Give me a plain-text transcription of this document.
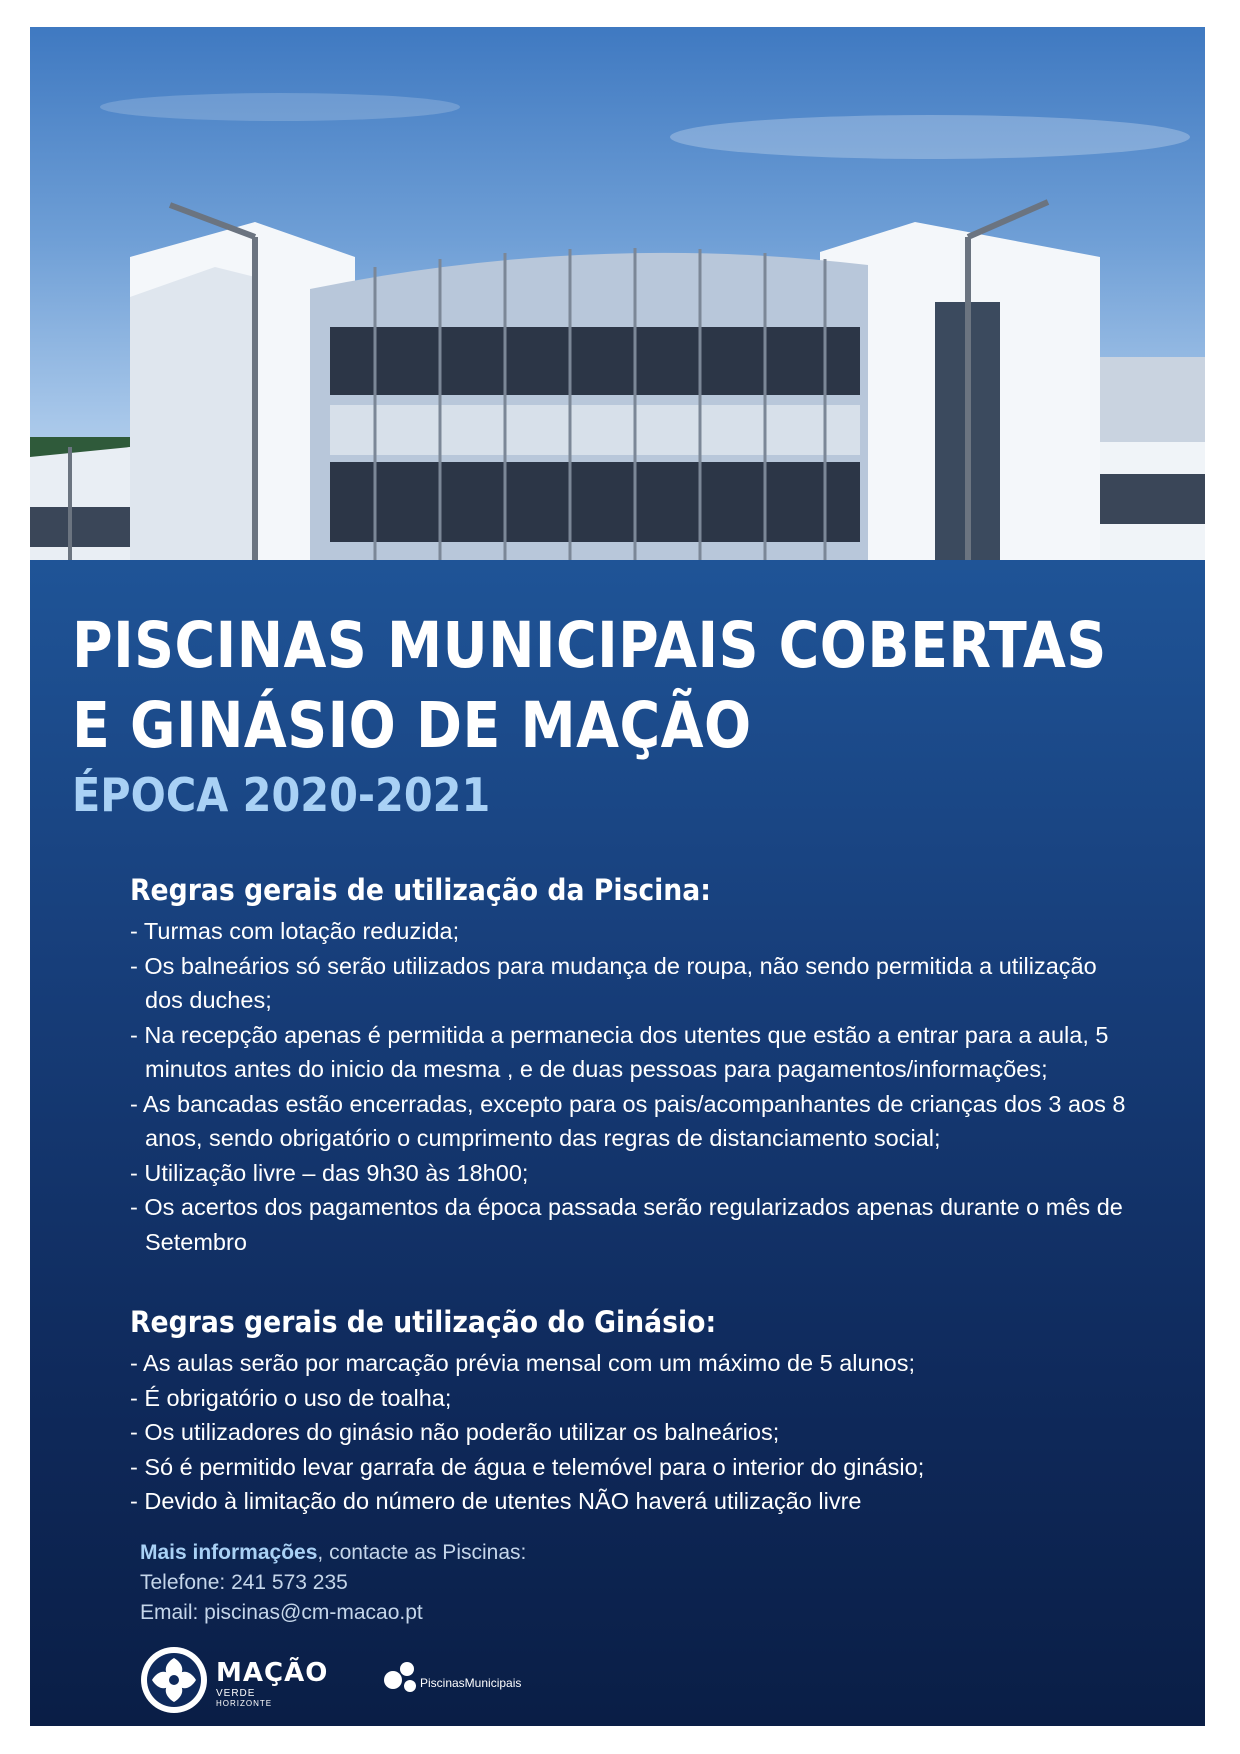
PISCINAS MUNICIPAIS COBERTAS
E GINÁSIO DE MAÇÃO
ÉPOCA 2020-2021
Regras gerais de utilização da Piscina:
- Turmas com lotação reduzida;
- Os balneários só serão utilizados para mudança de roupa, não sendo permitida a utilização dos duches;
- Na recepção apenas é permitida a permanecia dos utentes que estão a entrar para a aula, 5 minutos antes do inicio da mesma , e de duas pessoas para pagamentos/informações;
- As bancadas estão encerradas, excepto para os pais/acompanhantes de crianças dos 3 aos 8 anos, sendo obrigatório o cumprimento das regras de distanciamento social;
- Utilização livre – das 9h30 às 18h00;
- Os acertos dos pagamentos da época passada serão regularizados apenas durante o mês de Setembro
Regras gerais de utilização do Ginásio:
- As aulas serão por marcação prévia mensal com um máximo de 5 alunos;
- É obrigatório o uso de toalha;
- Os utilizadores do ginásio não poderão utilizar os balneários;
- Só é permitido levar garrafa de água e telemóvel para o interior do ginásio;
- Devido à limitação do número de utentes NÃO haverá utilização livre
Mais informações, contacte as Piscinas:
Telefone: 241 573 235
Email: piscinas@cm-macao.pt
MAÇÃO
VERDE
HORIZONTE
PiscinasMunicipais
